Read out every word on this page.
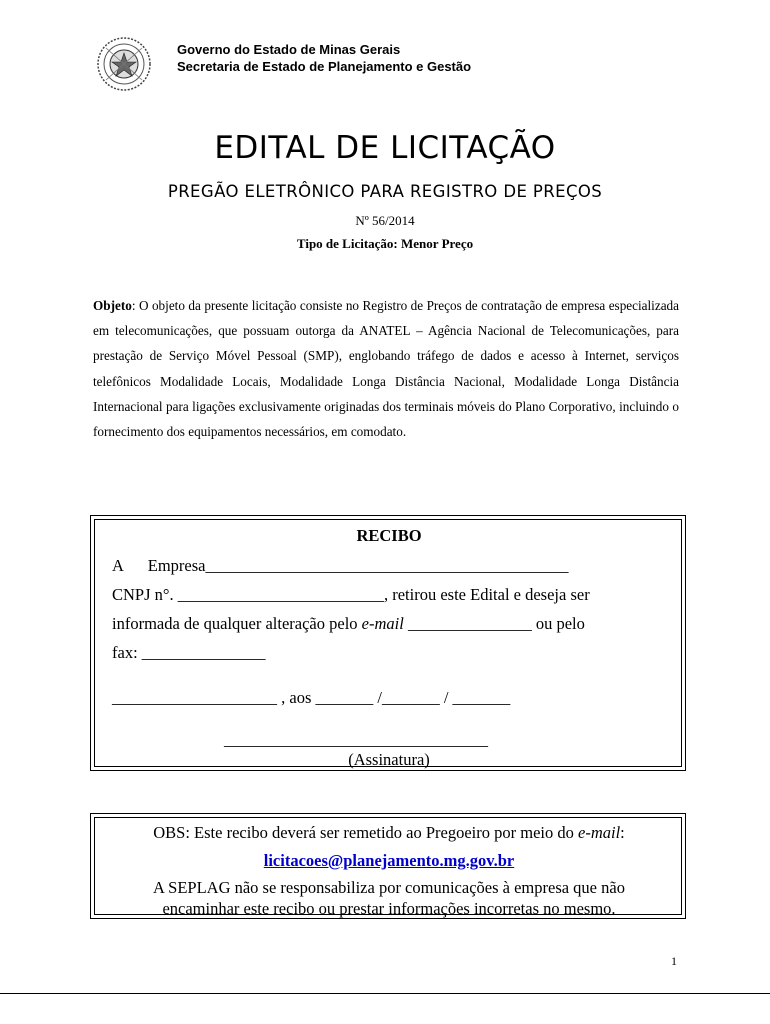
Governo do Estado de Minas Gerais
Secretaria de Estado de Planejamento e Gestão
EDITAL DE LICITAÇÃO
PREGÃO ELETRÔNICO PARA REGISTRO DE PREÇOS
Nº 56/2014
Tipo de Licitação: Menor Preço
Objeto: O objeto da presente licitação consiste no Registro de Preços de contratação de empresa especializada em telecomunicações, que possuam outorga da ANATEL – Agência Nacional de Telecomunicações, para prestação de Serviço Móvel Pessoal (SMP), englobando tráfego de dados e acesso à Internet, serviços telefônicos Modalidade Locais, Modalidade Longa Distância Nacional, Modalidade Longa Distância Internacional para ligações exclusivamente originadas dos terminais móveis do Plano Corporativo, incluindo o fornecimento dos equipamentos necessários, em comodato.
RECIBO
A      Empresa____________________________________________
CNPJ n°. _________________________, retirou este Edital e deseja ser
informada de qualquer alteração pelo e-mail _______________ ou pelo
fax: _______________
____________________ , aos _______ /_______ / _______
________________________________
(Assinatura)
OBS: Este recibo deverá ser remetido ao Pregoeiro por meio do e-mail:
licitacoes@planejamento.mg.gov.br
A SEPLAG não se responsabiliza por comunicações à empresa que não
encaminhar este recibo ou prestar informações incorretas no mesmo.
1
